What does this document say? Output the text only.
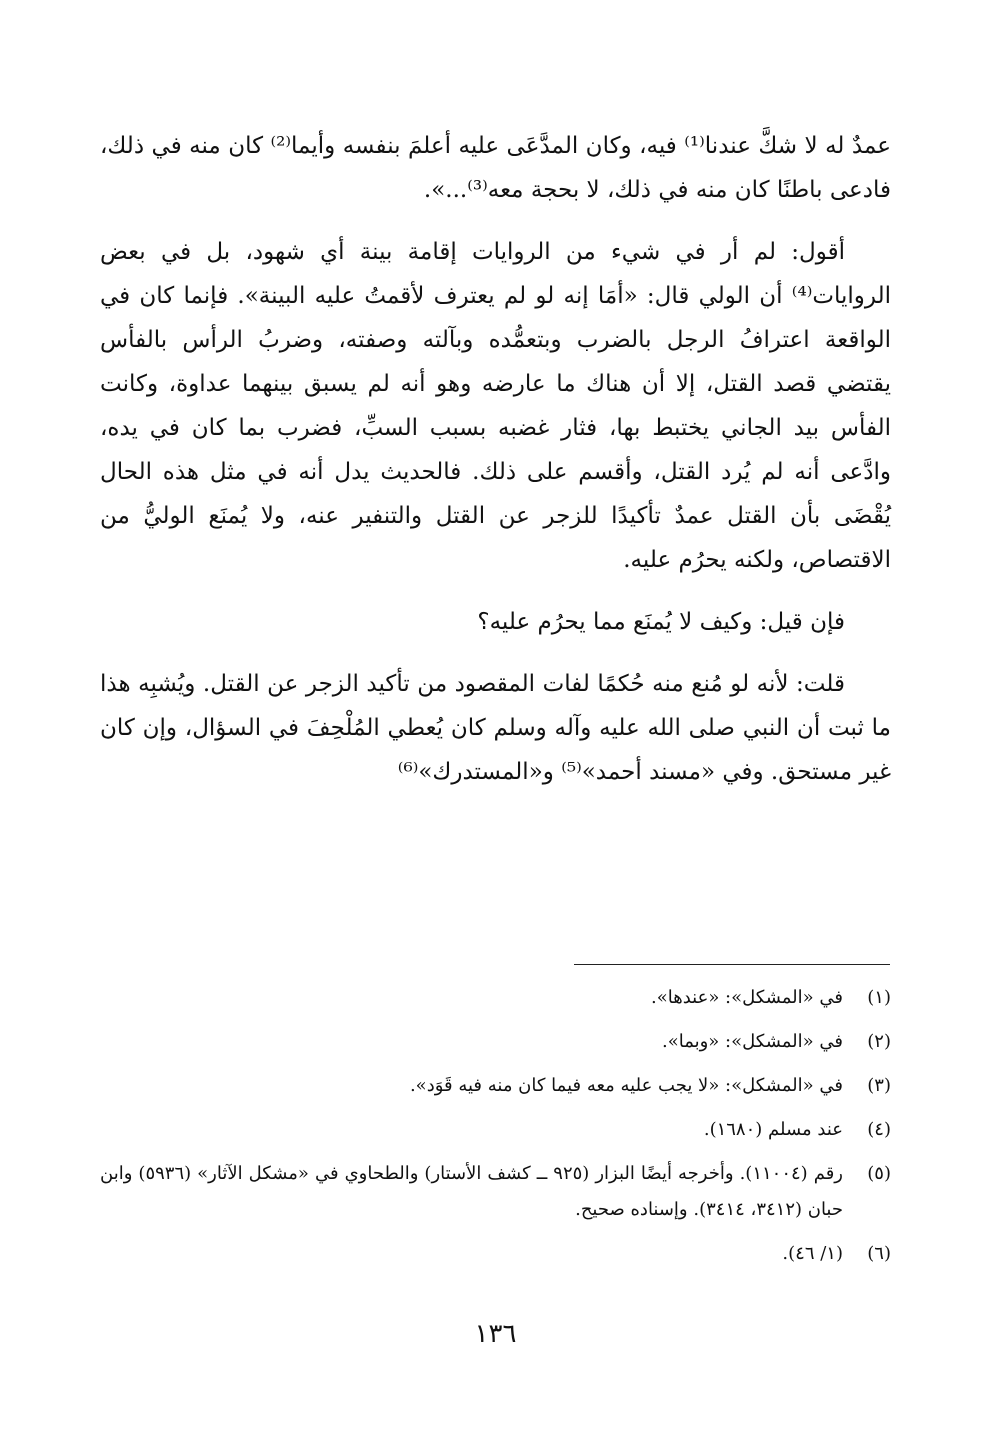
عمدٌ له لا شكَّ عندنا⁽¹⁾ فيه، وكان المدَّعَى عليه أعلمَ بنفسه وأيما⁽²⁾ كان منه في ذلك، فادعى باطنًا كان منه في ذلك، لا بحجة معه⁽³⁾...».

أقول: لم أر في شيء من الروايات إقامة بينة أي شهود، بل في بعض الروايات⁽⁴⁾ أن الولي قال: «أمَا إنه لو لم يعترف لأقمتُ عليه البينة». فإنما كان في الواقعة اعترافُ الرجل بالضرب وبتعمُّده وبآلته وصفته، وضربُ الرأس بالفأس يقتضي قصد القتل، إلا أن هناك ما عارضه وهو أنه لم يسبق بينهما عداوة، وكانت الفأس بيد الجاني يختبط بها، فثار غضبه بسبب السبِّ، فضرب بما كان في يده، وادَّعى أنه لم يُرد القتل، وأقسم على ذلك. فالحديث يدل أنه في مثل هذه الحال يُقْضَى بأن القتل عمدٌ تأكيدًا للزجر عن القتل والتنفير عنه، ولا يُمنَع الوليُّ من الاقتصاص، ولكنه يحرُم عليه.

فإن قيل: وكيف لا يُمنَع مما يحرُم عليه؟

قلت: لأنه لو مُنع منه حُكمًا لفات المقصود من تأكيد الزجر عن القتل. ويُشبِه هذا ما ثبت أن النبي صلى الله عليه وآله وسلم كان يُعطي المُلْحِفَ في السؤال، وإن كان غير مستحق. وفي «مسند أحمد»⁽⁵⁾ و«المستدرك»⁽⁶⁾

(١)
في «المشكل»: «عندها».
(٢)
في «المشكل»: «وبما».
(٣)
في «المشكل»: «لا يجب عليه معه فيما كان منه فيه قَوَد».
(٤)
عند مسلم (١٦٨٠).
(٥)
رقم (١١٠٠٤). وأخرجه أيضًا البزار (٩٢٥ ــ كشف الأستار) والطحاوي في «مشكل الآثار» (٥٩٣٦) وابن حبان (٣٤١٢، ٣٤١٤). وإسناده صحيح.
(٦)
(١/ ٤٦).
١٣٦
